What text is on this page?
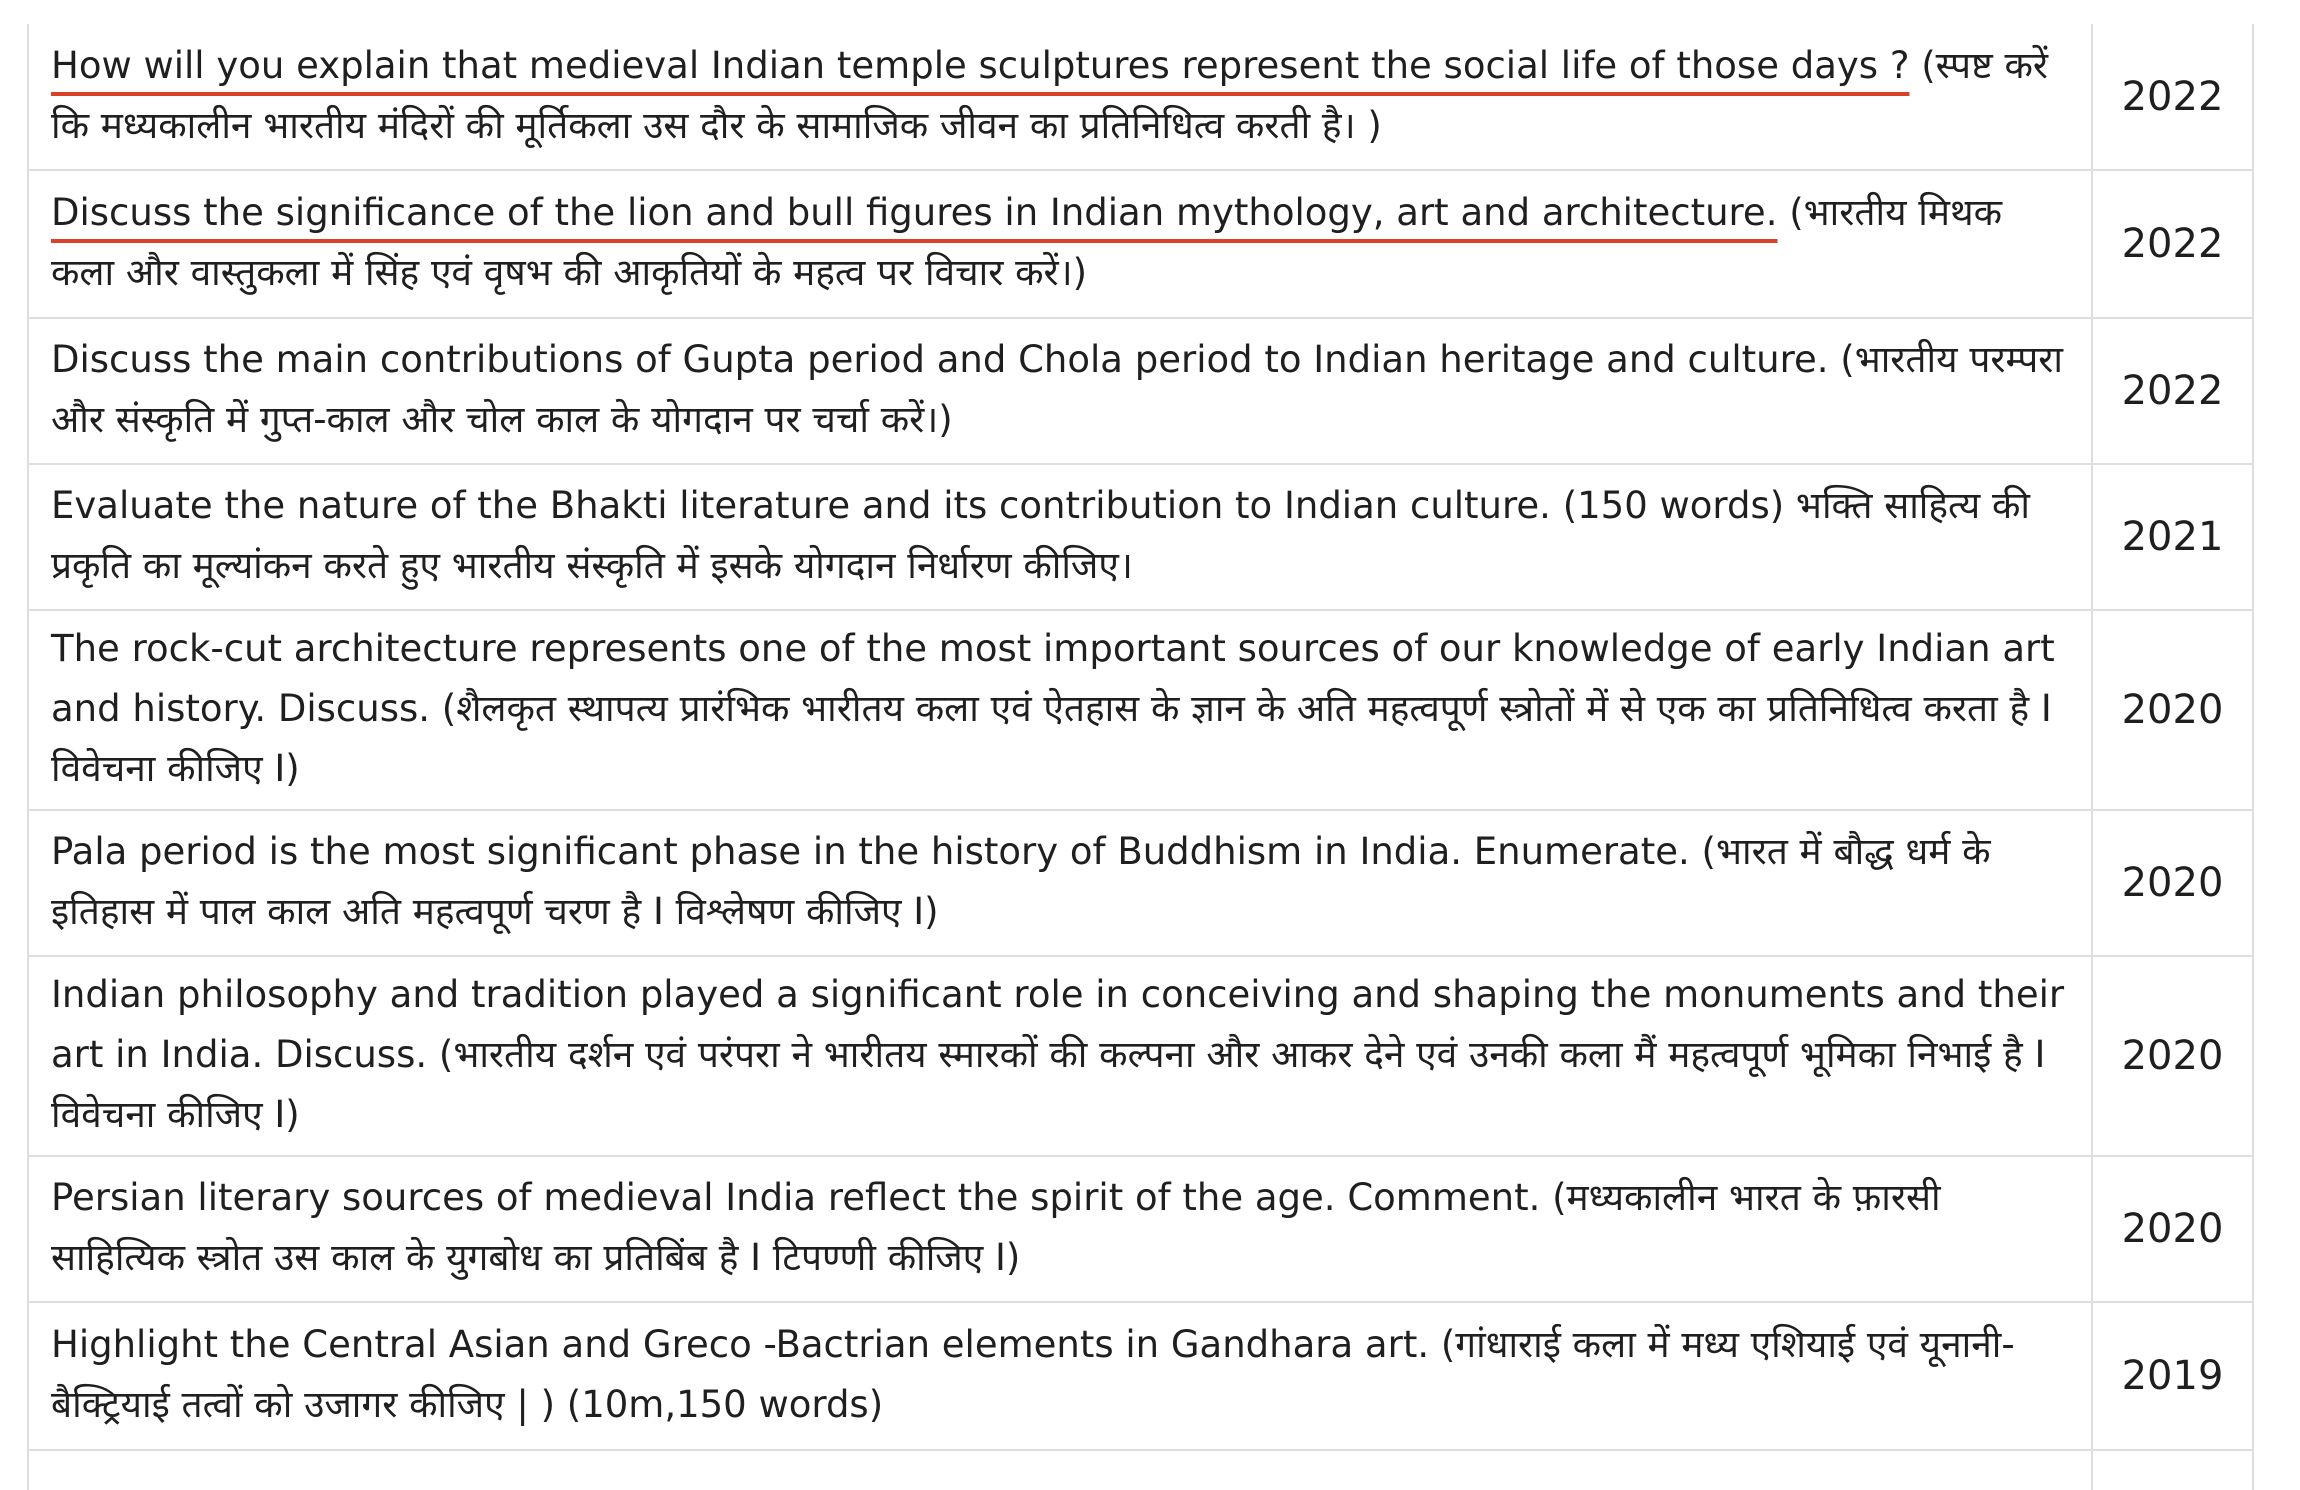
How will you explain that medieval Indian temple sculptures represent the social life of those days ? (स्पष्ट करें कि मध्यकालीन भारतीय मंदिरों की मूर्तिकला उस दौर के सामाजिक जीवन का प्रतिनिधित्व करती है। )	2022
Discuss the significance of the lion and bull figures in Indian mythology, art and architecture. (भारतीय मिथक कला और वास्तुकला में सिंह एवं वृषभ की आकृतियों के महत्व पर विचार करें।)	2022
Discuss the main contributions of Gupta period and Chola period to Indian heritage and culture. (भारतीय परम्परा और संस्कृति में गुप्त-काल और चोल काल के योगदान पर चर्चा करें।)	2022
Evaluate the nature of the Bhakti literature and its contribution to Indian culture. (150 words) भक्ति साहित्य की प्रकृति का मूल्यांकन करते हुए भारतीय संस्कृति में इसके योगदान निर्धारण कीजिए।	2021
The rock-cut architecture represents one of the most important sources of our knowledge of early Indian art and history. Discuss. (शैलकृत स्थापत्य प्रारंभिक भारीतय कला एवं ऐतहास के ज्ञान के अति महत्वपूर्ण स्त्रोतों में से एक का प्रतिनिधित्व करता है I विवेचना कीजिए I)	2020
Pala period is the most significant phase in the history of Buddhism in India. Enumerate. (भारत में बौद्ध धर्म के इतिहास में पाल काल अति महत्वपूर्ण चरण है I विश्लेषण कीजिए I)	2020
Indian philosophy and tradition played a significant role in conceiving and shaping the monuments and their art in India. Discuss. (भारतीय दर्शन एवं परंपरा ने भारीतय स्मारकों की कल्पना और आकर देने एवं उनकी कला मैं महत्वपूर्ण भूमिका निभाई है I विवेचना कीजिए I)	2020
Persian literary sources of medieval India reflect the spirit of the age. Comment. (मध्यकालीन भारत के फ़ारसी साहित्यिक स्त्रोत उस काल के युगबोध का प्रतिबिंब है I टिपण्णी कीजिए I)	2020
Highlight the Central Asian and Greco -Bactrian elements in Gandhara art. (गांधाराई कला में मध्य एशियाई एवं यूनानी-बैक्ट्रियाई तत्वों को उजागर कीजिए | ) (10m,150 words)	2019
